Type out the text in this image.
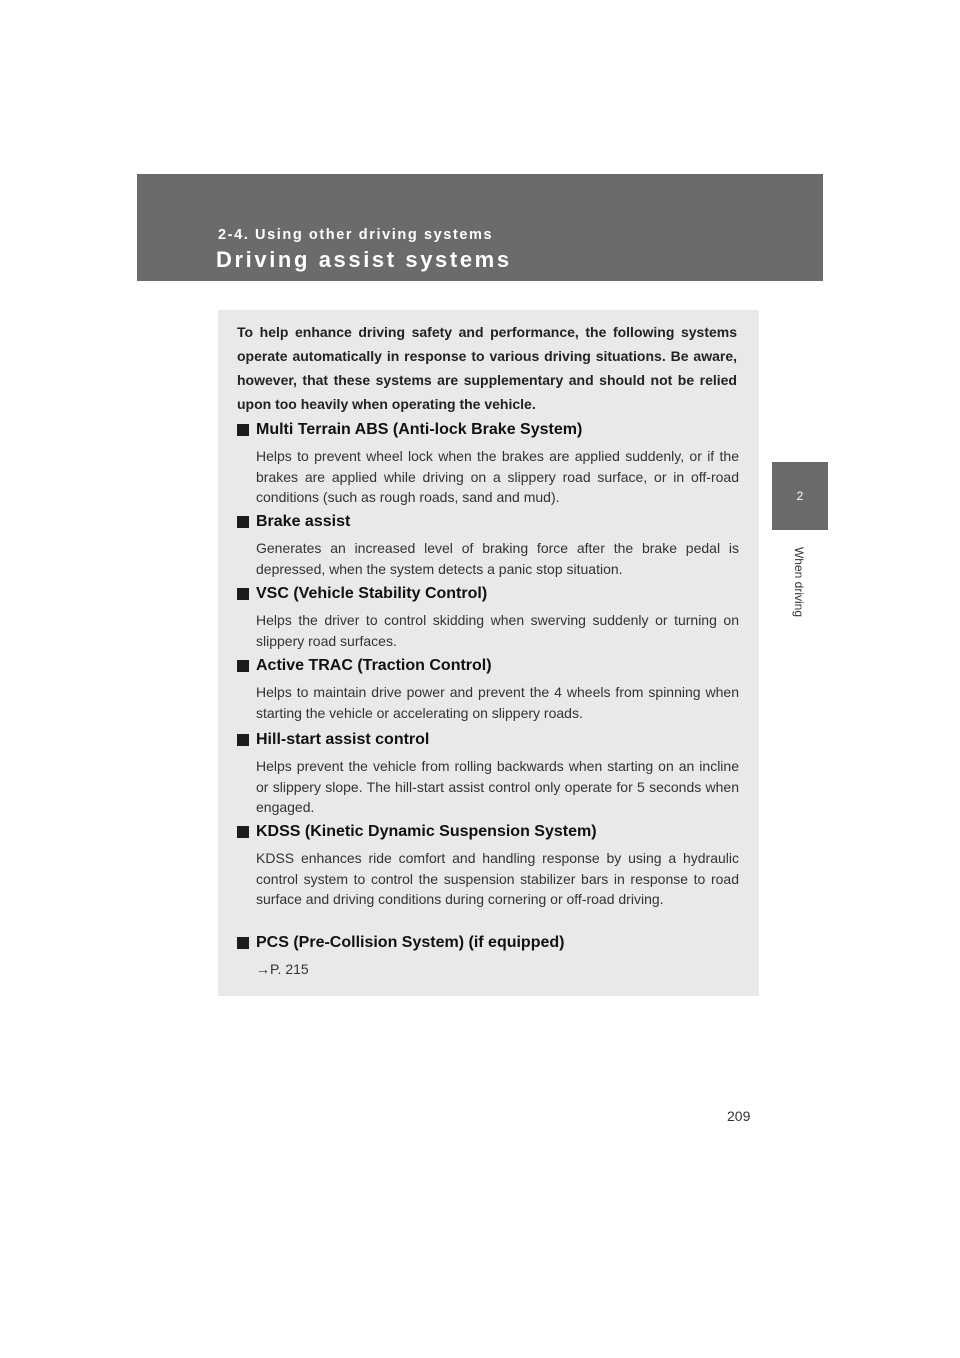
2-4. Using other driving systems
Driving assist systems
2
When driving
To help enhance driving safety and performance, the following systems operate automatically in response to various driving situations. Be aware, however, that these systems are supplementary and should not be relied upon too heavily when operating the vehicle.
Multi Terrain ABS (Anti-lock Brake System)
Helps to prevent wheel lock when the brakes are applied suddenly, or if the brakes are applied while driving on a slippery road surface, or in off-road conditions (such as rough roads, sand and mud).
Brake assist
Generates an increased level of braking force after the brake pedal is depressed, when the system detects a panic stop situation.
VSC (Vehicle Stability Control)
Helps the driver to control skidding when swerving suddenly or turning on slippery road surfaces.
Active TRAC (Traction Control)
Helps to maintain drive power and prevent the 4 wheels from spinning when starting the vehicle or accelerating on slippery roads.
Hill-start assist control
Helps prevent the vehicle from rolling backwards when starting on an incline or slippery slope. The hill-start assist control only operate for 5 seconds when engaged.
KDSS (Kinetic Dynamic Suspension System)
KDSS enhances ride comfort and handling response by using a hydraulic control system to control the suspension stabilizer bars in response to road surface and driving conditions during cornering or off-road driving.
PCS (Pre-Collision System) (if equipped)
→P. 215
209
